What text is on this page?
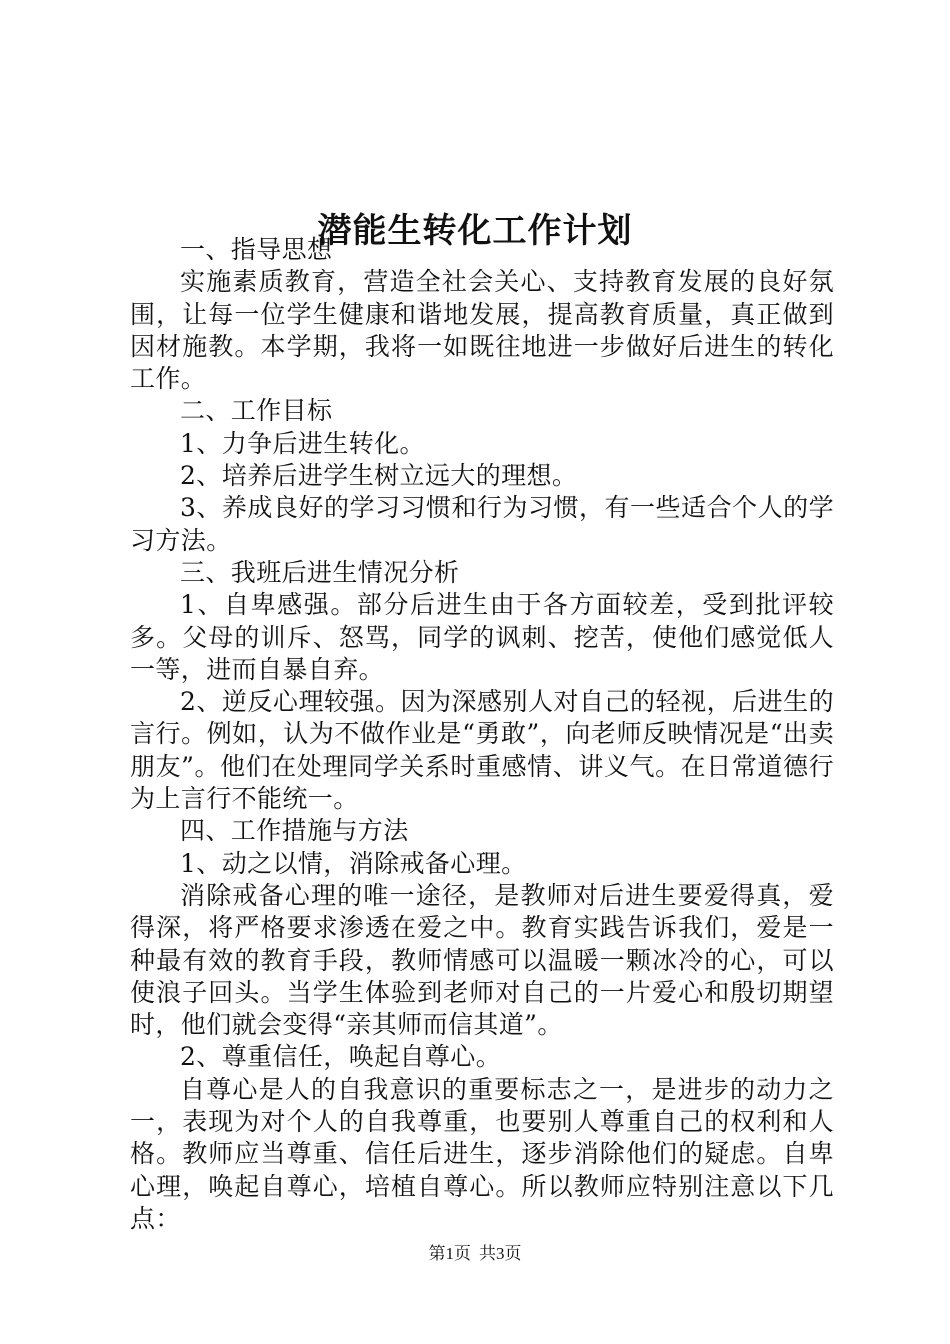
潜能生转化工作计划

一、指导思想

实施素质教育，营造全社会关心、支持教育发展的良好氛围，让每一位学生健康和谐地发展，提高教育质量，真正做到因材施教。本学期，我将一如既往地进一步做好后进生的转化工作。

二、工作目标

1、力争后进生转化。

2、培养后进学生树立远大的理想。

3、养成良好的学习习惯和行为习惯，有一些适合个人的学习方法。

三、我班后进生情况分析

1、自卑感强。部分后进生由于各方面较差，受到批评较多。父母的训斥、怒骂，同学的讽刺、挖苦，使他们感觉低人一等，进而自暴自弃。

2、逆反心理较强。因为深感别人对自己的轻视，后进生的言行。例如，认为不做作业是“勇敢”，向老师反映情况是“出卖朋友”。他们在处理同学关系时重感情、讲义气。在日常道德行为上言行不能统一。

四、工作措施与方法

1、动之以情，消除戒备心理。

消除戒备心理的唯一途径，是教师对后进生要爱得真，爱得深，将严格要求渗透在爱之中。教育实践告诉我们，爱是一种最有效的教育手段，教师情感可以温暖一颗冰冷的心，可以使浪子回头。当学生体验到老师对自己的一片爱心和殷切期望时，他们就会变得“亲其师而信其道”。

2、尊重信任，唤起自尊心。

自尊心是人的自我意识的重要标志之一，是进步的动力之一，表现为对个人的自我尊重，也要别人尊重自己的权利和人格。教师应当尊重、信任后进生，逐步消除他们的疑虑。自卑心理，唤起自尊心，培植自尊心。所以教师应特别注意以下几点：

第1页 共3页
